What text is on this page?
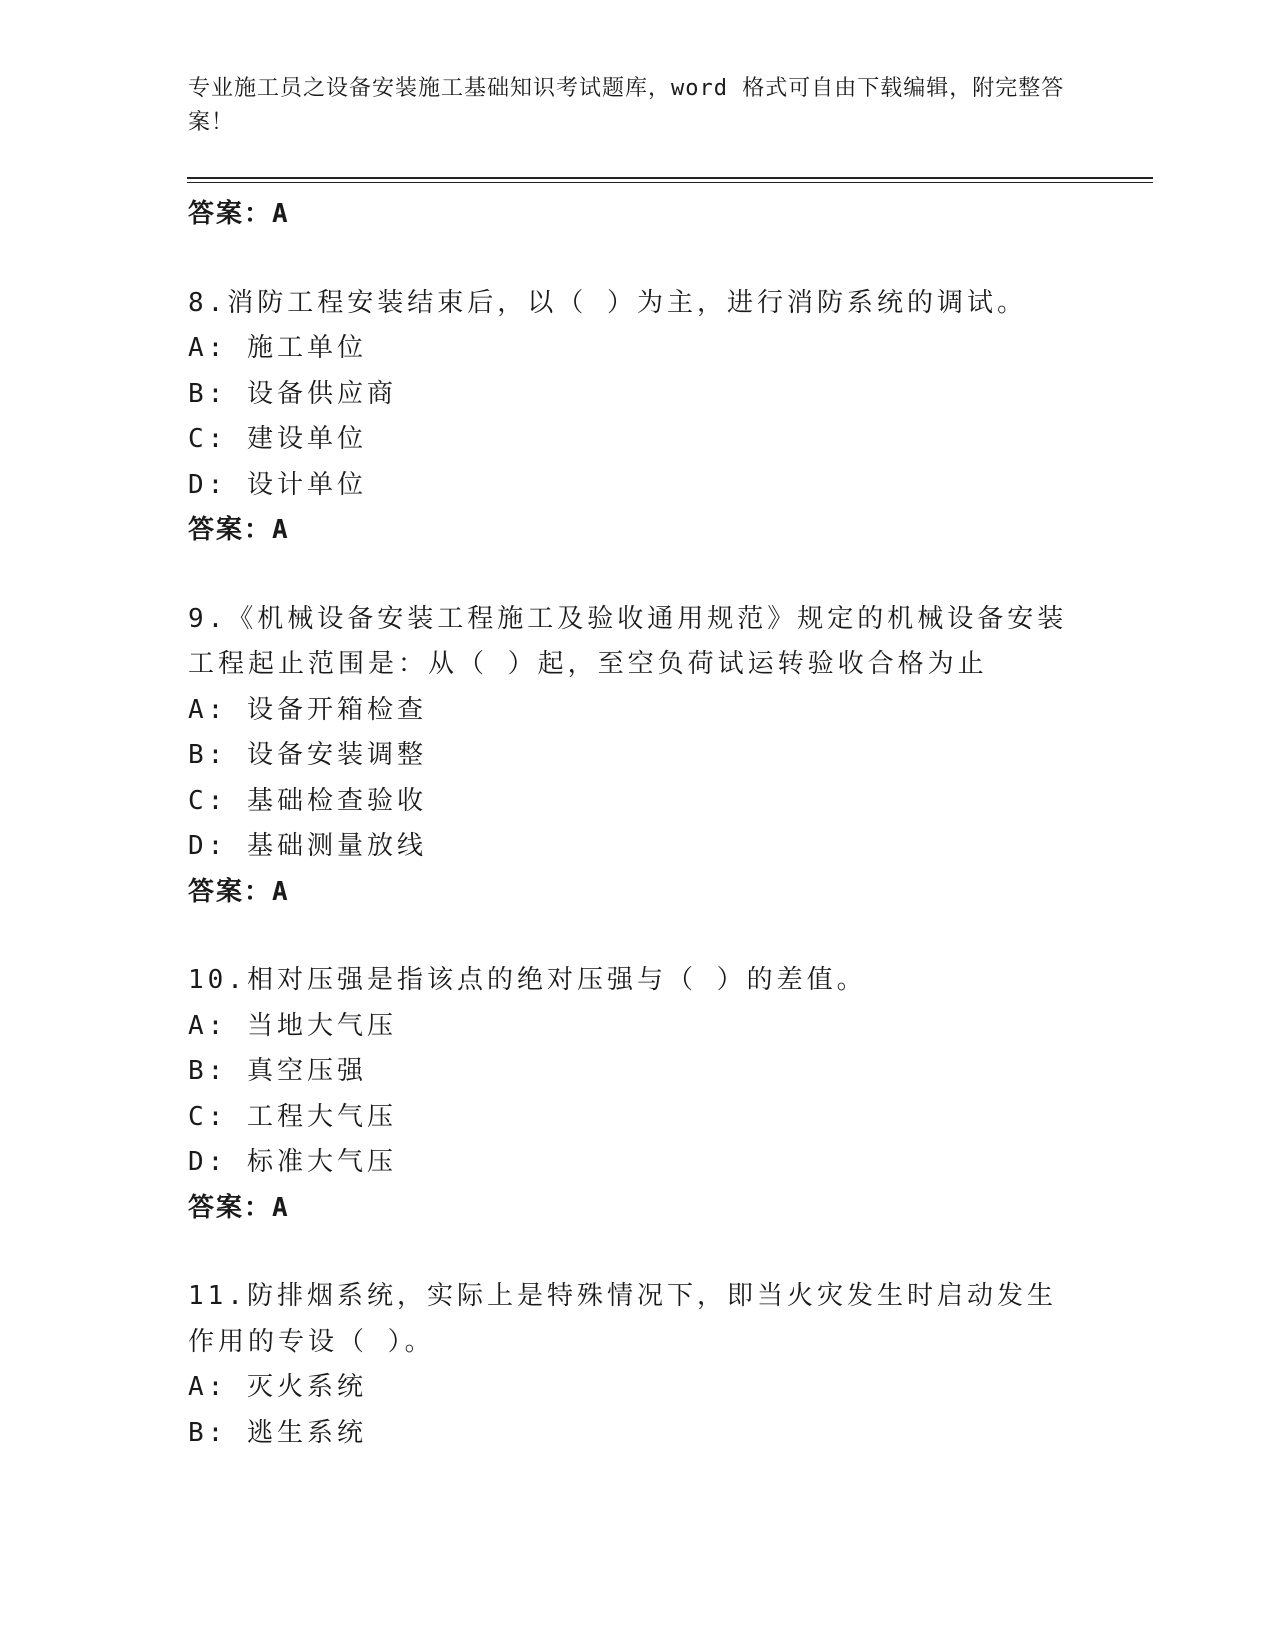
专业施工员之设备安装施工基础知识考试题库，word 格式可自由下载编辑，附完整答案！
答案：A
8.消防工程安装结束后，以（ ）为主，进行消防系统的调试。
A: 施工单位
B: 设备供应商
C: 建设单位
D: 设计单位
答案：A
9.《机械设备安装工程施工及验收通用规范》规定的机械设备安装工程起止范围是：从（ ）起，至空负荷试运转验收合格为止
A: 设备开箱检查
B: 设备安装调整
C: 基础检查验收
D: 基础测量放线
答案：A
10.相对压强是指该点的绝对压强与（ ）的差值。
A: 当地大气压
B: 真空压强
C: 工程大气压
D: 标准大气压
答案：A
11.防排烟系统，实际上是特殊情况下，即当火灾发生时启动发生作用的专设（ ）。
A: 灭火系统
B: 逃生系统
